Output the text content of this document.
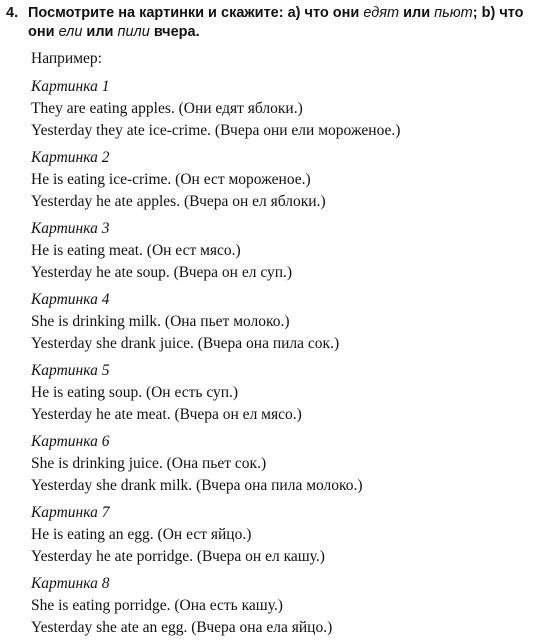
4. Посмотрите на картинки и скажите: a) что они едят или пьют; b) что они ели или пили вчера.
Например:
Картинка 1
They are eating apples. (Они едят яблоки.)
Yesterday they ate ice-crime. (Вчера они ели мороженое.)
Картинка 2
He is eating ice-crime. (Он ест мороженое.)
Yesterday he ate apples. (Вчера он ел яблоки.)
Картинка 3
He is eating meat. (Он ест мясо.)
Yesterday he ate soup. (Вчера он ел суп.)
Картинка 4
She is drinking milk. (Она пьет молоко.)
Yesterday she drank juice. (Вчера она пила сок.)
Картинка 5
He is eating soup. (Он есть суп.)
Yesterday he ate meat. (Вчера он ел мясо.)
Картинка 6
She is drinking juice. (Она пьет сок.)
Yesterday she drank milk. (Вчера она пила молоко.)
Картинка 7
He is eating an egg. (Он ест яйцо.)
Yesterday he ate porridge. (Вчера он ел кашу.)
Картинка 8
She is eating porridge. (Она есть кашу.)
Yesterday she ate an egg. (Вчера она ела яйцо.)
